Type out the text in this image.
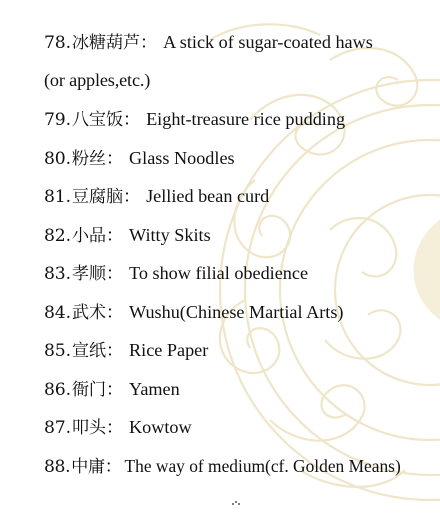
78.冰糖葫芦： A stick of sugar-coated haws
(or apples,etc.)
79.八宝饭： Eight-treasure rice pudding
80.粉丝： Glass Noodles
81.豆腐脑： Jellied bean curd
82.小品： Witty Skits
83.孝顺： To show filial obedience
84.武术： Wushu(Chinese Martial Arts)
85.宣纸： Rice Paper
86.衙门： Yamen
87.叩头： Kowtow
88.中庸： The way of medium(cf. Golden Means)
